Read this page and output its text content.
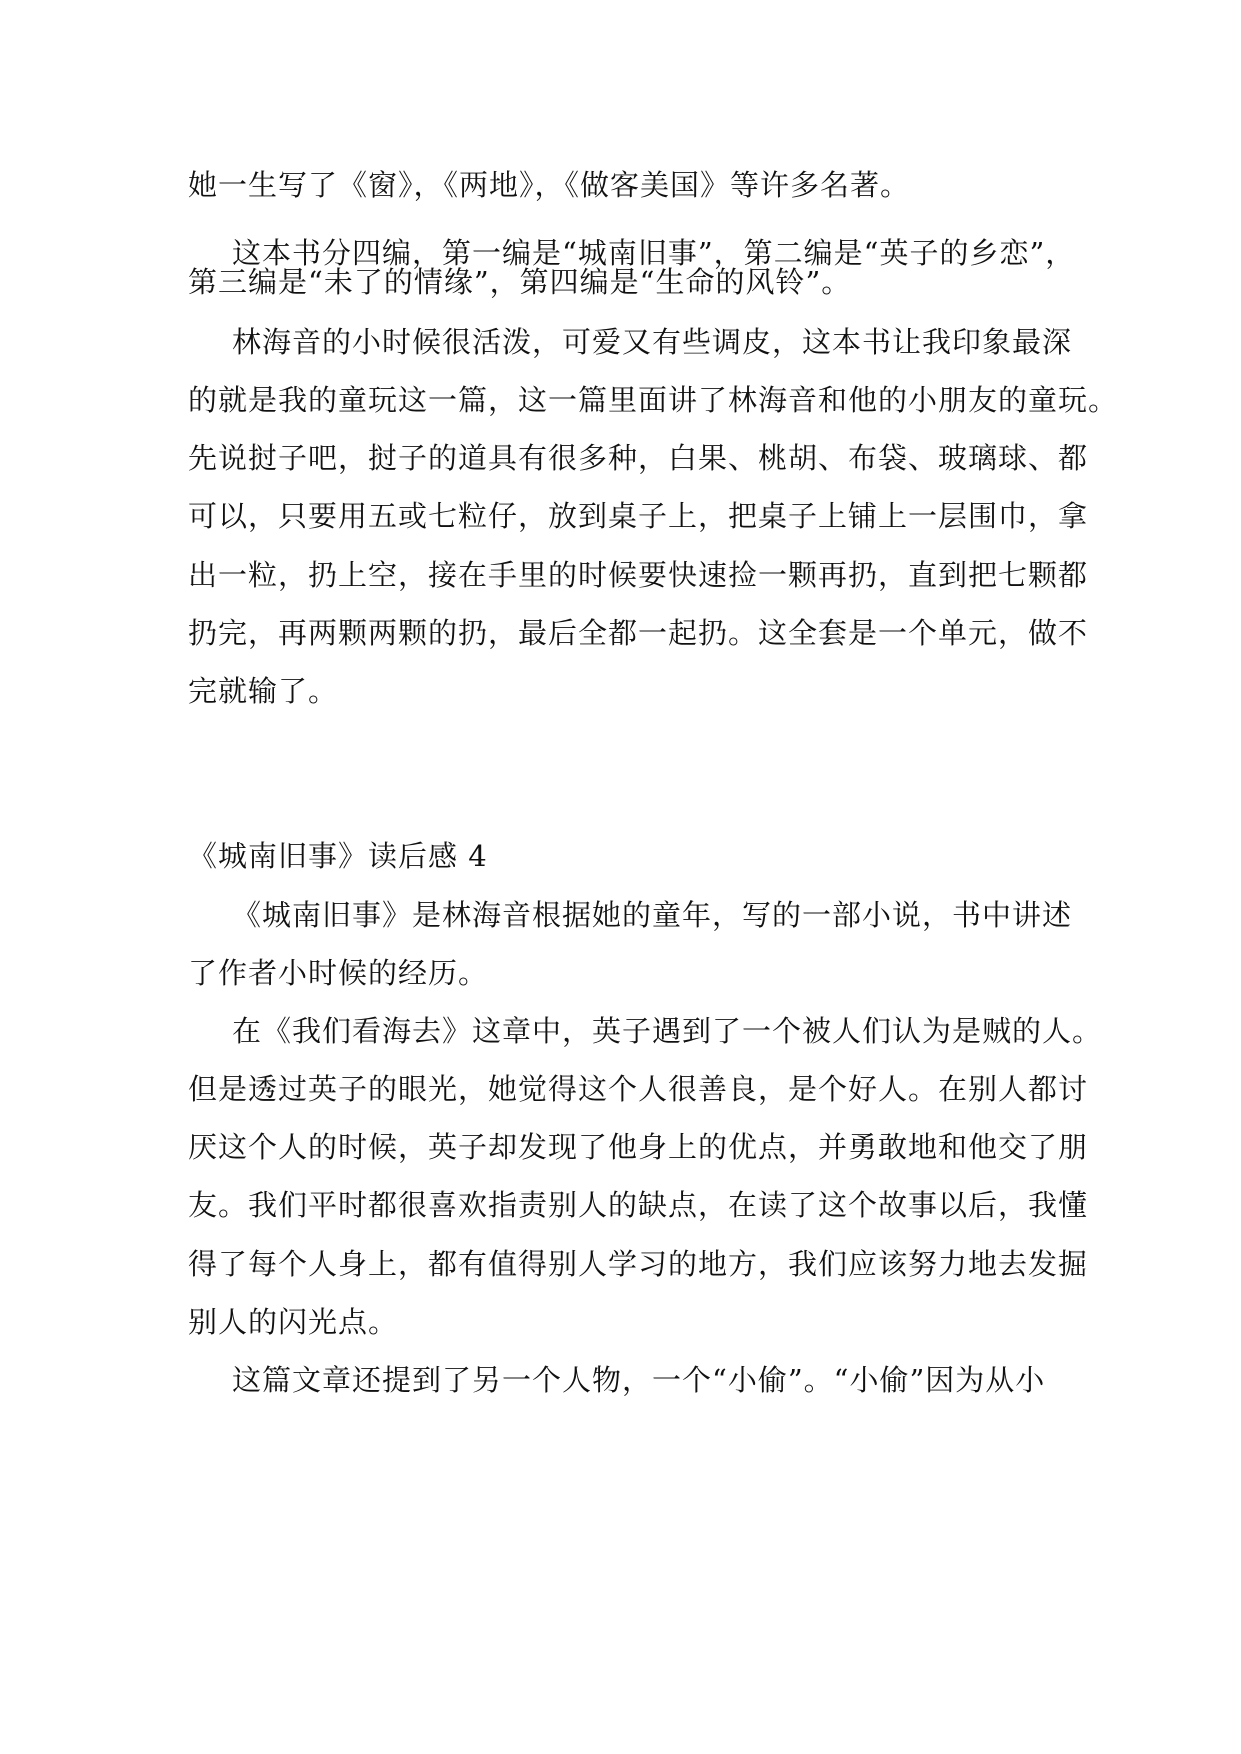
她一生写了《窗》，《两地》，《做客美国》等许多名著。
这本书分四编，第一编是“城南旧事”，第二编是“英子的乡恋”，
第三编是“未了的情缘”，第四编是“生命的风铃”。
林海音的小时候很活泼，可爱又有些调皮，这本书让我印象最深
的就是我的童玩这一篇，这一篇里面讲了林海音和他的小朋友的童玩。
先说挝子吧，挝子的道具有很多种，白果、桃胡、布袋、玻璃球、都
可以，只要用五或七粒仔，放到桌子上，把桌子上铺上一层围巾，拿
出一粒，扔上空，接在手里的时候要快速捡一颗再扔，直到把七颗都
扔完，再两颗两颗的扔，最后全都一起扔。这全套是一个单元，做不
完就输了。
《城南旧事》读后感 4
《城南旧事》是林海音根据她的童年，写的一部小说，书中讲述
了作者小时候的经历。
在《我们看海去》这章中，英子遇到了一个被人们认为是贼的人。
但是透过英子的眼光，她觉得这个人很善良，是个好人。在别人都讨
厌这个人的时候，英子却发现了他身上的优点，并勇敢地和他交了朋
友。我们平时都很喜欢指责别人的缺点，在读了这个故事以后，我懂
得了每个人身上，都有值得别人学习的地方，我们应该努力地去发掘
别人的闪光点。
这篇文章还提到了另一个人物，一个“小偷”。“小偷”因为从小
